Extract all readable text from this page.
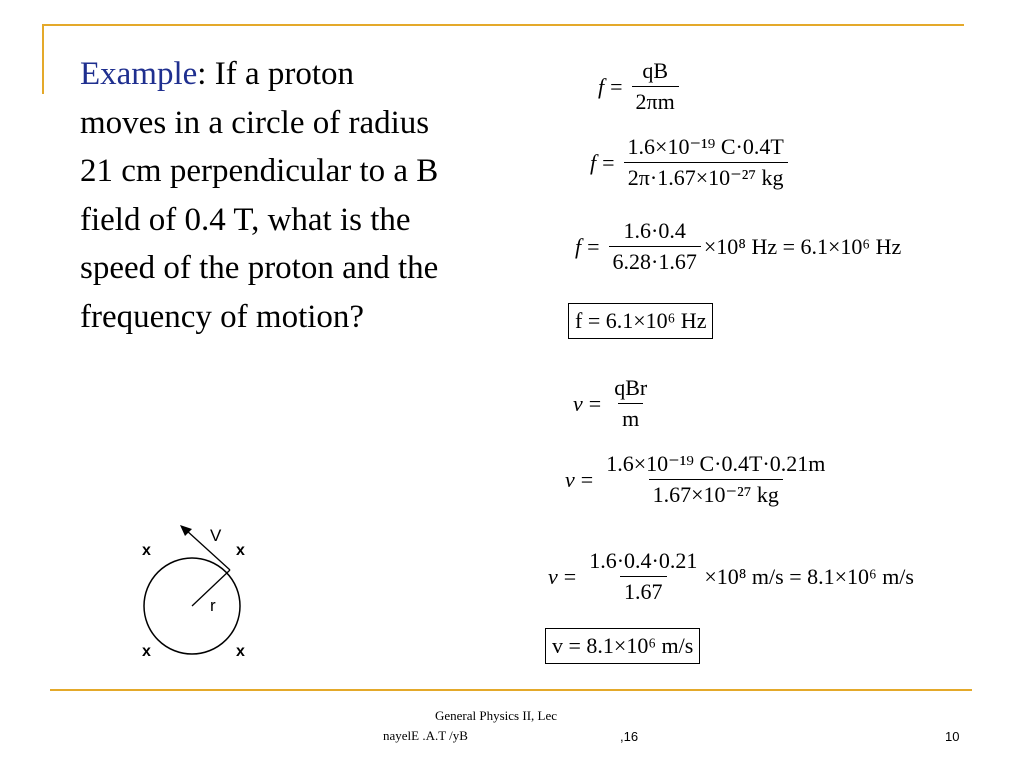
Example: If a proton moves in a circle of radius 21 cm perpendicular to a B field of 0.4 T, what is the speed of the proton and the frequency of motion?
$f = \frac{qB}{2\pi m}$
$f = \frac{\text{1.6×10⁻¹⁹ C·0.4T}}{\text{2π·1.67×10⁻²⁷ kg}}$
$f = \frac{1.6\cdot 0.4}{6.28\cdot 1.67} \times 10^8$ Hz = 6.1×10⁶ Hz
f = 6.1×10⁶ Hz
$v = \frac{\text{qBr}}{m}$
$v = \frac{\text{1.6×10⁻¹⁹ C·0.4T·0.21m}}{\text{1.67×10⁻²⁷ kg}}$
$v = \frac{1.6\cdot 0.4\cdot 0.21}{1.67} \times 10^8$ m/s = 8.1×10⁶ m/s
v = 8.1×10⁶ m/s
x	x
x	x
V
r
General Physics II, Lec
nayelE .A.T /yB	,16	10
